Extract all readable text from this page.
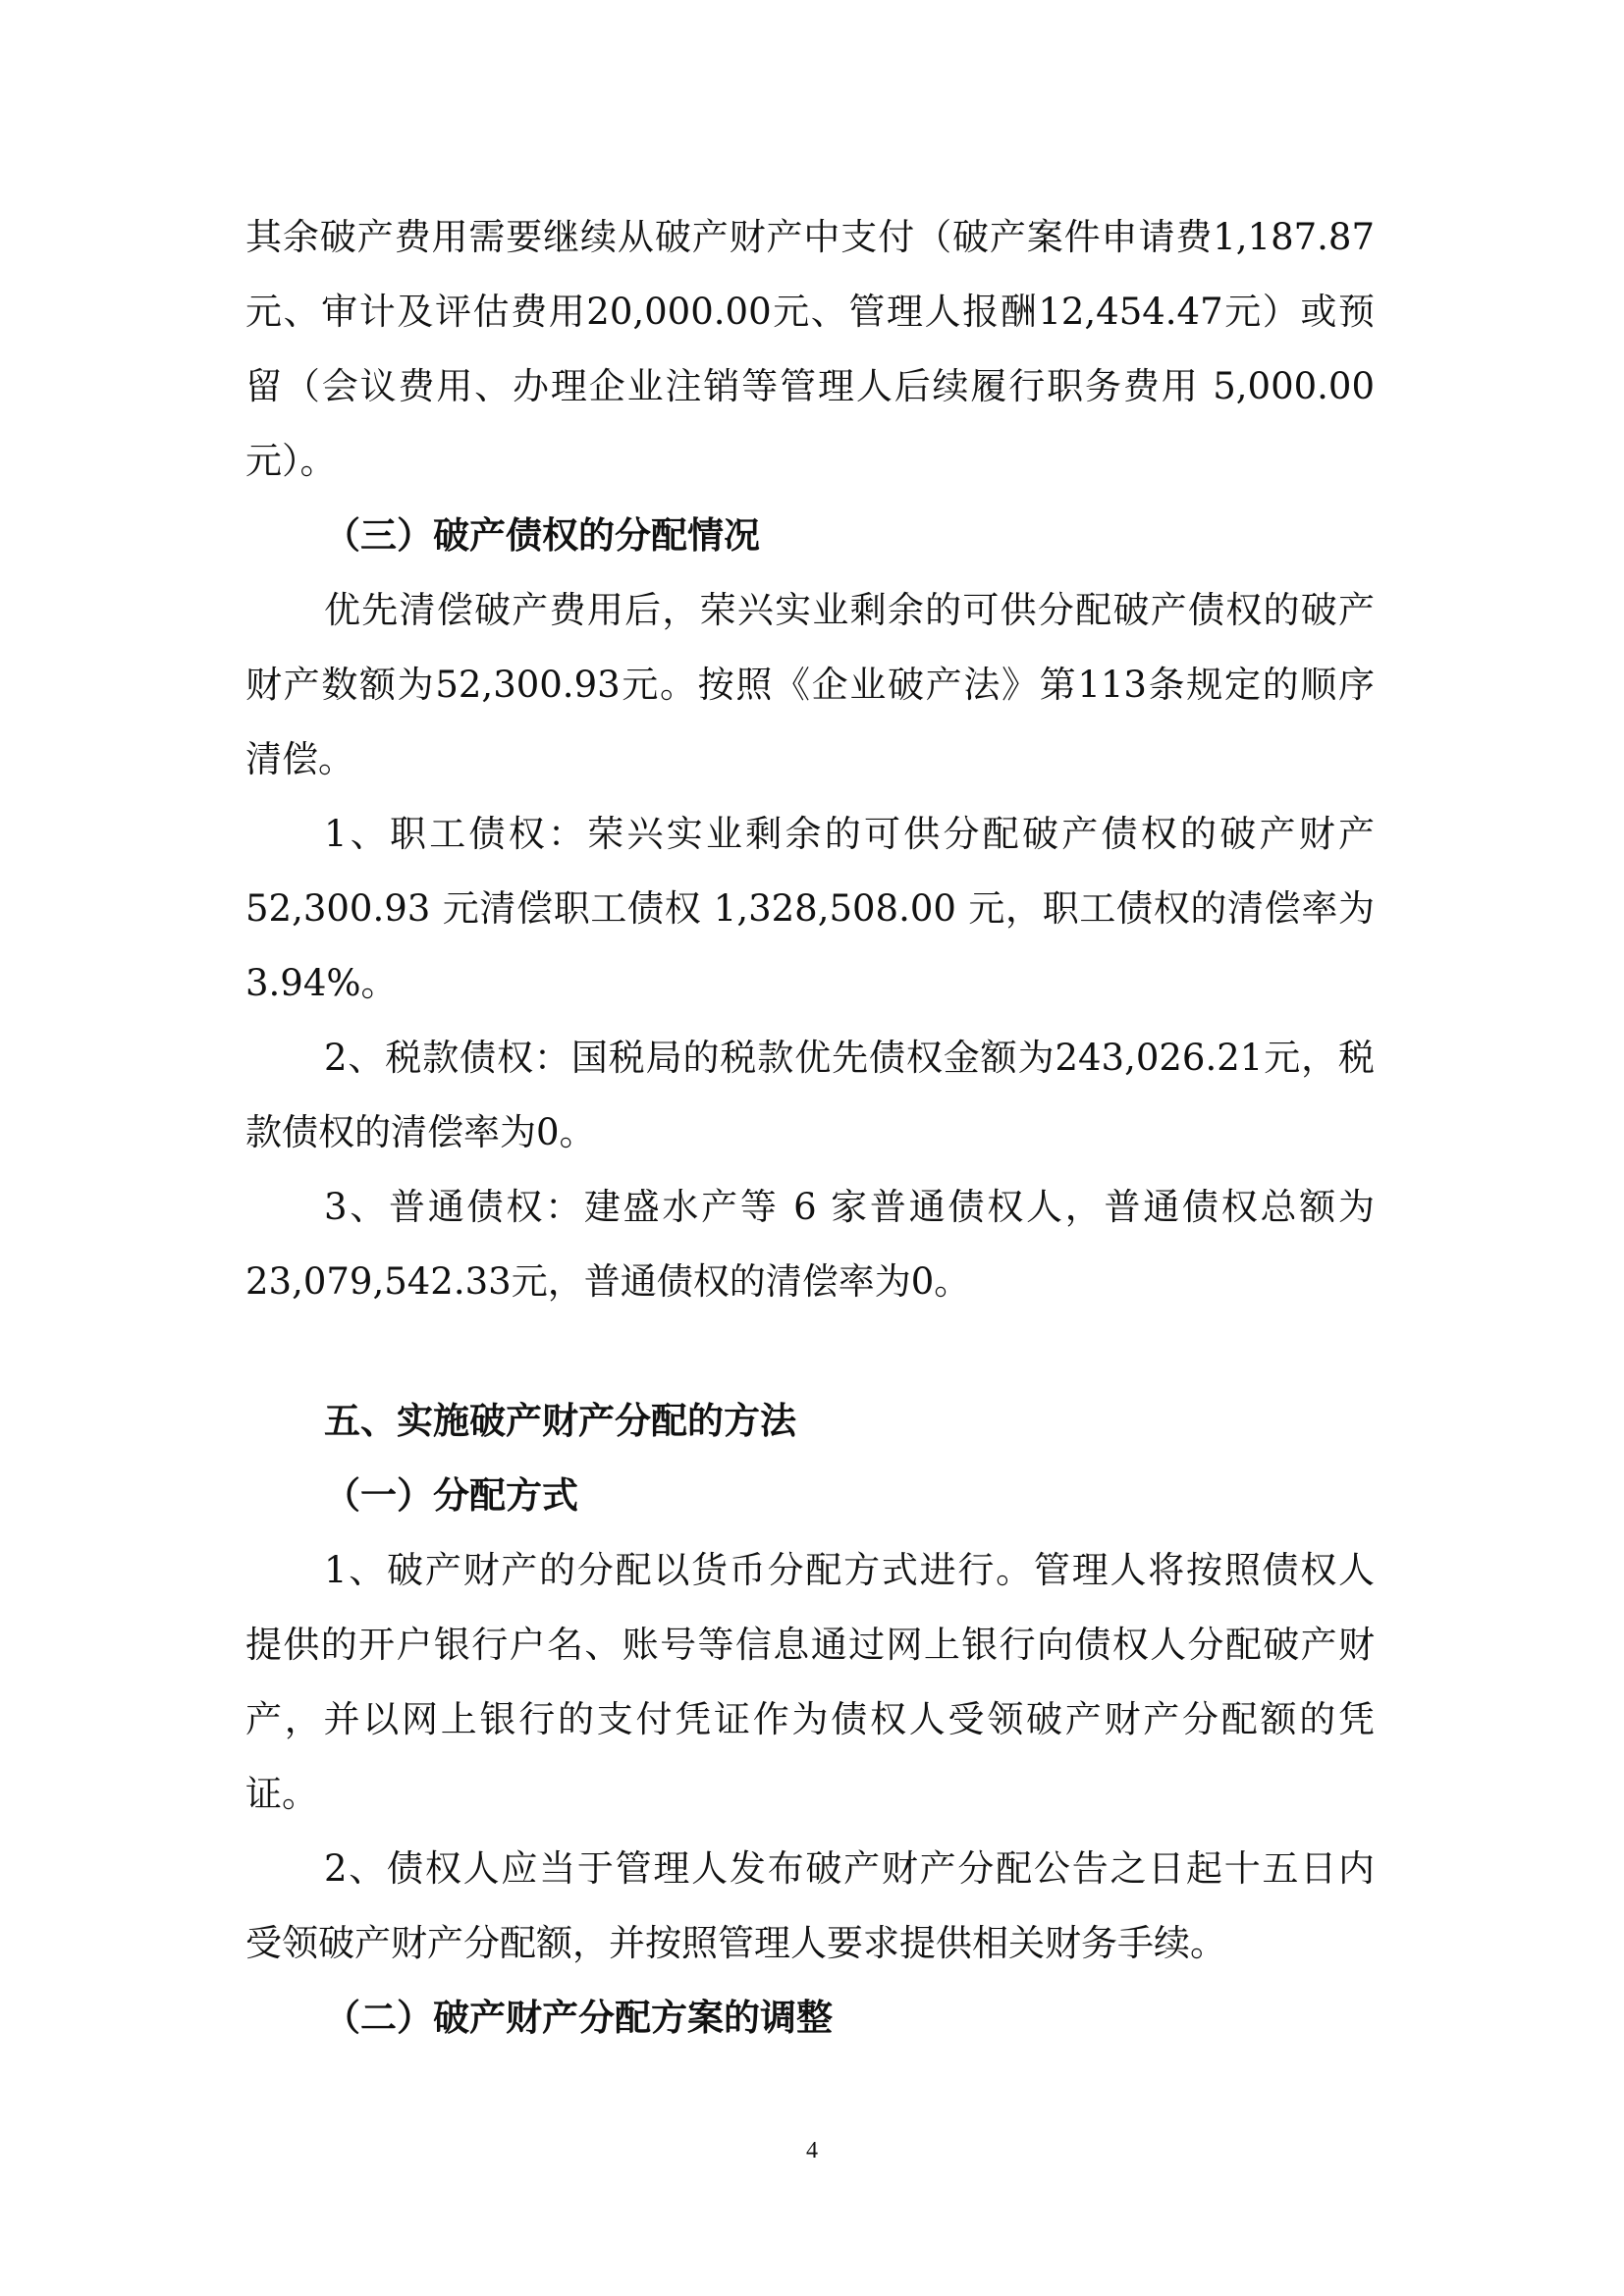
其余破产费用需要继续从破产财产中支付（破产案件申请费1,187.87
元、审计及评估费用20,000.00元、管理人报酬12,454.47元）或预
留（会议费用、办理企业注销等管理人后续履行职务费用 5,000.00
元）。
（三）破产债权的分配情况
优先清偿破产费用后，荣兴实业剩余的可供分配破产债权的破产
财产数额为52,300.93元。按照《企业破产法》第113条规定的顺序
清偿。
1、职工债权：荣兴实业剩余的可供分配破产债权的破产财产
52,300.93 元清偿职工债权 1,328,508.00 元，职工债权的清偿率为
3.94%。
2、税款债权：国税局的税款优先债权金额为243,026.21元，税
款债权的清偿率为0。
3、普通债权：建盛水产等 6 家普通债权人，普通债权总额为
23,079,542.33元，普通债权的清偿率为0。
五、实施破产财产分配的方法
（一）分配方式
1、破产财产的分配以货币分配方式进行。管理人将按照债权人
提供的开户银行户名、账号等信息通过网上银行向债权人分配破产财
产，并以网上银行的支付凭证作为债权人受领破产财产分配额的凭
证。
2、债权人应当于管理人发布破产财产分配公告之日起十五日内
受领破产财产分配额，并按照管理人要求提供相关财务手续。
（二）破产财产分配方案的调整
4
